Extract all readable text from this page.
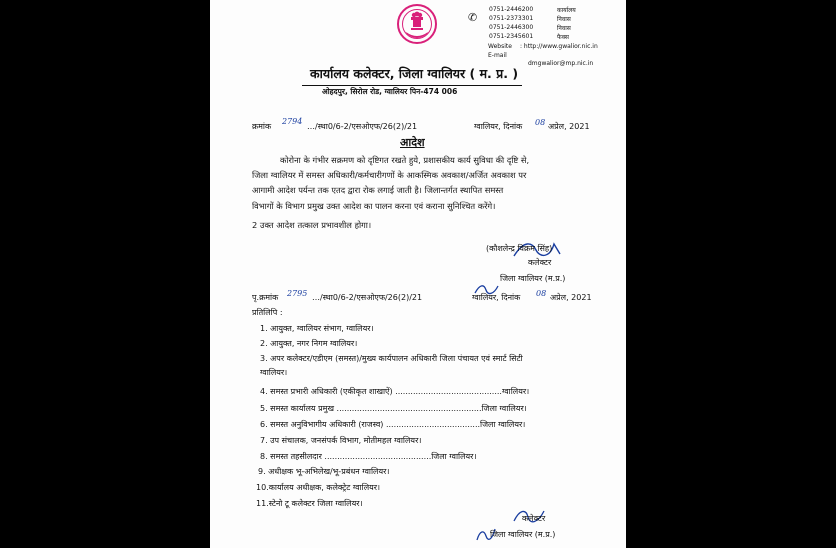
✆
0751-2446200	कार्यालय
0751-2373301	निवास
0751-2446300	निवास
0751-2345601	फैक्स
Website : http://www.gwalior.nic.in
E-mail
dmgwalior@mp.nic.in
कार्यालय कलेक्टर, जिला ग्वालियर ( म. प्र. )
ओहदपुर, सिरोल रोड, ग्वालियर पिन-474 006
क्रमांक
2794
…/स्था0/6-2/एसओएफ/26(2)/21	ग्वालियर, दिनांक 08 अप्रेल, 2021
आदेश
कोरोना के गंभीर सक्रमण को दृष्टिगत रखते हुये, प्रशासकीय कार्य सुविधा की दृष्टि से,
जिला ग्वालियर में समस्त अधिकारी/कर्मचारीगणों के आकस्मिक अवकाश/अर्जित अवकाश पर
आगामी आदेश पर्यन्त तक एतद द्वारा रोक लगाई जाती है। जिलान्तर्गत स्थापित समस्त
विभागों के विभाग प्रमुख उक्त आदेश का पालन करना एवं कराना सुनिश्चित करेंगे।
2 उक्त आदेश तत्काल प्रभावशील होगा।
(कौशलेन्द्र विक्रम सिंह)
कलेक्टर
जिला ग्वालियर (म.प्र.)
पृ.क्रमांक 2795 …/स्था0/6-2/एसओएफ/26(2)/21	ग्वालियर, दिनांक 08 अप्रेल, 2021
प्रतिलिपि :
1. आयुक्त, ग्वालियर संभाग, ग्वालियर।
2. आयुक्त, नगर निगम ग्वालियर।
3. अपर कलेक्टर/एडीएम (समस्त)/मुख्य कार्यपालन अधिकारी जिला पंचायत एवं स्मार्ट सिटी
ग्वालियर।
4. समस्त प्रभारी अधिकारी (एकीकृत शाखाऐं) ..........................................ग्वालियर।
5. समस्त कार्यालय प्रमुख .........................................................जिला ग्वालियर।
6. समस्त अनुविभागीय अधिकारी (राजस्व) .....................................जिला ग्वालियर।
7. उप संचालक, जनसंपर्क विभाग, मोतीमहल ग्वालियर।
8. समस्त तहसीलदार ..........................................जिला ग्वालियर।
9. अधीक्षक भू-अभिलेख/भू-प्रबंधन ग्वालियर।
10.कार्यालय अधीक्षक, कलेक्ट्रेट ग्वालियर।
11.स्टेनो टू कलेक्टर जिला ग्वालियर।
कलेक्टर
जिला ग्वालियर (म.प्र.)
